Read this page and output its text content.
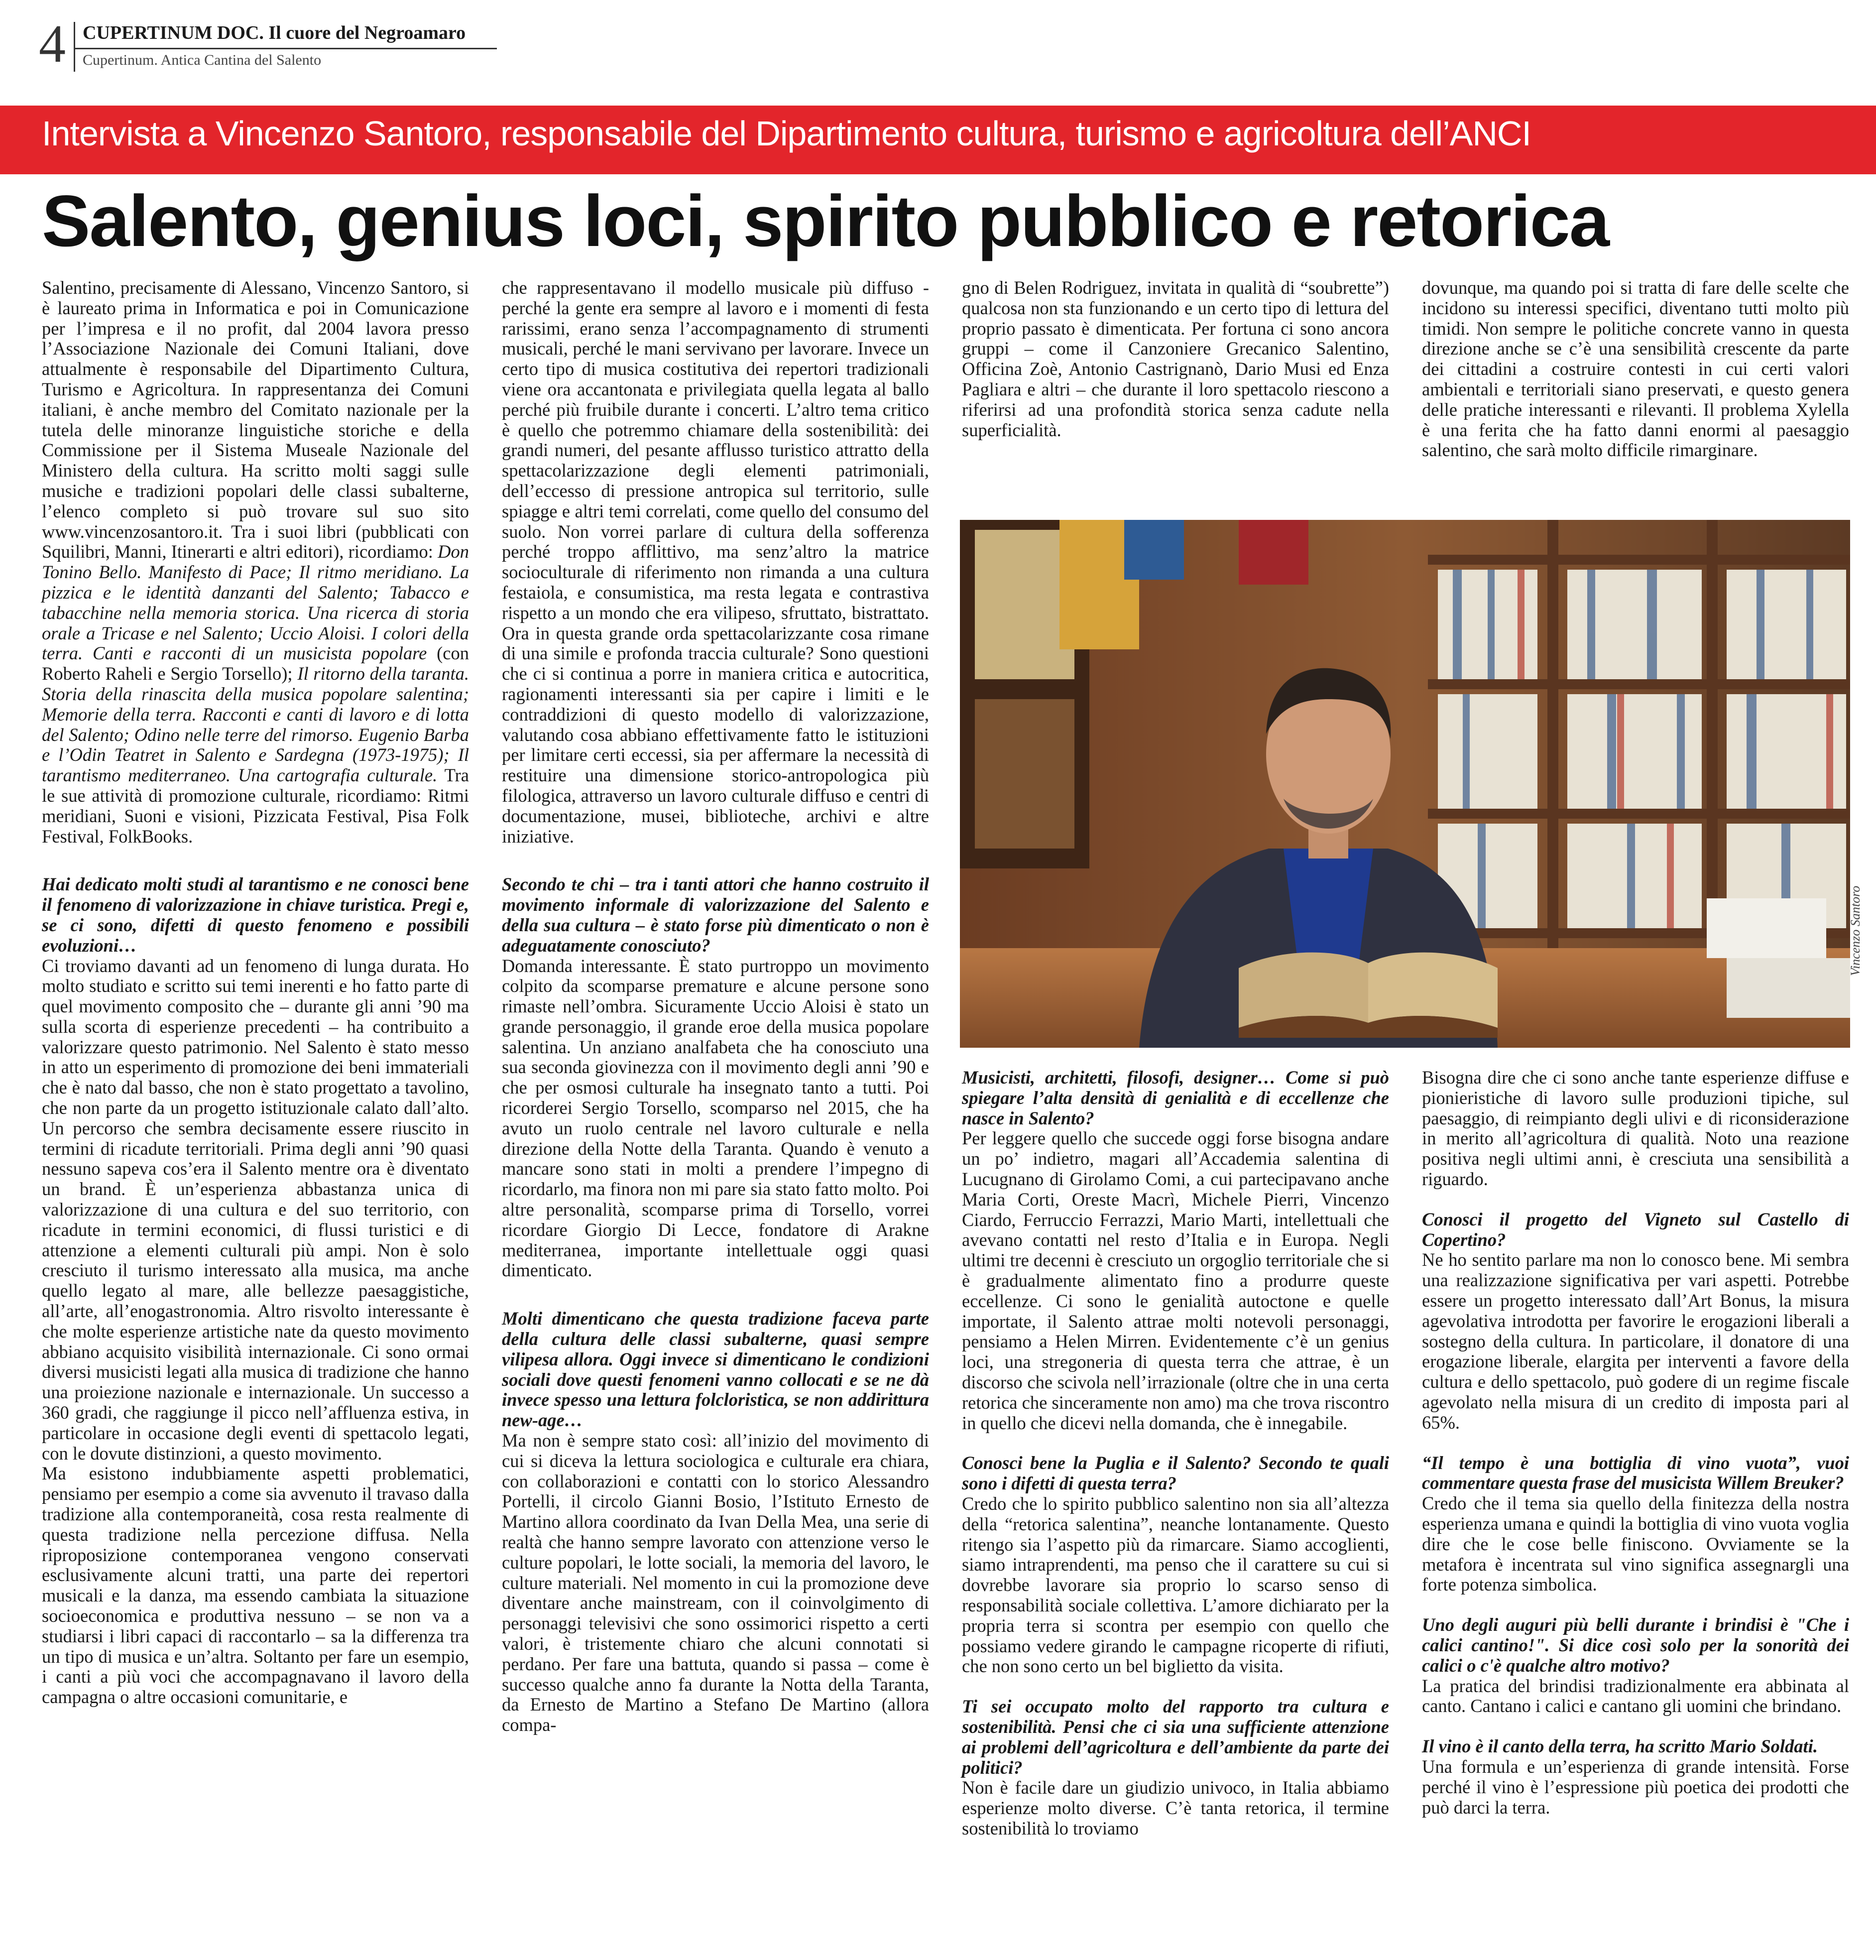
4 CUPERTINUM DOC. Il cuore del Negroamaro
Cupertinum. Antica Cantina del Salento
Intervista a Vincenzo Santoro, responsabile del Dipartimento cultura, turismo e agricoltura dell’ANCI
Salento, genius loci, spirito pubblico e retorica

Salentino, precisamente di Alessano, Vincenzo Santoro, si è laureato prima in Informatica e poi in Comunicazione per l’impresa e il no profit, dal 2004 lavora presso l’Associazione Nazionale dei Comuni Italiani, dove attualmente è responsabile del Dipartimento Cultura, Turismo e Agricoltura. In rappresentanza dei Comuni italiani, è anche membro del Comitato nazionale per la tutela delle minoranze linguistiche storiche e della Commissione per il Sistema Museale Nazionale del Ministero della cultura. Ha scritto molti saggi sulle musiche e tradizioni popolari delle classi subalterne, l’elenco completo si può trovare sul suo sito www.vincenzosantoro.it. Tra i suoi libri (pubblicati con Squilibri, Manni, Itinerarti e altri editori), ricordiamo: Don Tonino Bello. Manifesto di Pace; Il ritmo meridiano. La pizzica e le identità danzanti del Salento; Tabacco e tabacchine nella memoria storica. Una ricerca di storia orale a Tricase e nel Salento; Uccio Aloisi. I colori della terra. Canti e racconti di un musicista popolare (con Roberto Raheli e Sergio Torsello); Il ritorno della taranta. Storia della rinascita della musica popolare salentina; Memorie della terra. Racconti e canti di lavoro e di lotta del Salento; Odino nelle terre del rimorso. Eugenio Barba e l’Odin Teatret in Salento e Sardegna (1973-1975); Il tarantismo mediterraneo. Una cartografia culturale. Tra le sue attività di promozione culturale, ricordiamo: Ritmi meridiani, Suoni e visioni, Pizzicata Festival, Pisa Folk Festival, FolkBooks.

Hai dedicato molti studi al tarantismo e ne conosci bene il fenomeno di valorizzazione in chiave turistica. Pregi e, se ci sono, difetti di questo fenomeno e possibili evoluzioni…

Ci troviamo davanti ad un fenomeno di lunga durata. Ho molto studiato e scritto sui temi inerenti e ho fatto parte di quel movimento composito che – durante gli anni ’90 ma sulla scorta di esperienze precedenti – ha contribuito a valorizzare questo patrimonio. Nel Salento è stato messo in atto un esperimento di promozione dei beni immateriali che è nato dal basso, che non è stato progettato a tavolino, che non parte da un progetto istituzionale calato dall’alto. Un percorso che sembra decisamente essere riuscito in termini di ricadute territoriali. Prima degli anni ’90 quasi nessuno sapeva cos’era il Salento mentre ora è diventato un brand. È un’esperienza abbastanza unica di valorizzazione di una cultura e del suo territorio, con ricadute in termini economici, di flussi turistici e di attenzione a elementi culturali più ampi. Non è solo cresciuto il turismo interessato alla musica, ma anche quello legato al mare, alle bellezze paesaggistiche, all’arte, all’enogastronomia. Altro risvolto interessante è che molte esperienze artistiche nate da questo movimento abbiano acquisito visibilità internazionale. Ci sono ormai diversi musicisti legati alla musica di tradizione che hanno una proiezione nazionale e internazionale. Un successo a 360 gradi, che raggiunge il picco nell’affluenza estiva, in particolare in occasione degli eventi di spettacolo legati, con le dovute distinzioni, a questo movimento.

Ma esistono indubbiamente aspetti problematici, pensiamo per esempio a come sia avvenuto il travaso dalla tradizione alla contemporaneità, cosa resta realmente di questa tradizione nella percezione diffusa. Nella riproposizione contemporanea vengono conservati esclusivamente alcuni tratti, una parte dei repertori musicali e la danza, ma essendo cambiata la situazione socioeconomica e produttiva nessuno – se non va a studiarsi i libri capaci di raccontarlo – sa la differenza tra un tipo di musica e un’altra. Soltanto per fare un esempio, i canti a più voci che accompagnavano il lavoro della campagna o altre occasioni comunitarie, e

che rappresentavano il modello musicale più diffuso - perché la gente era sempre al lavoro e i momenti di festa rarissimi, erano senza l’accompagnamento di strumenti musicali, perché le mani servivano per lavorare. Invece un certo tipo di musica costitutiva dei repertori tradizionali viene ora accantonata e privilegiata quella legata al ballo perché più fruibile durante i concerti. L’altro tema critico è quello che potremmo chiamare della sostenibilità: dei grandi numeri, del pesante afflusso turistico attratto della spettacolarizzazione degli elementi patrimoniali, dell’eccesso di pressione antropica sul territorio, sulle spiagge e altri temi correlati, come quello del consumo del suolo. Non vorrei parlare di cultura della sofferenza perché troppo afflittivo, ma senz’altro la matrice socioculturale di riferimento non rimanda a una cultura festaiola, e consumistica, ma resta legata e contrastiva rispetto a un mondo che era vilipeso, sfruttato, bistrattato. Ora in questa grande orda spettacolarizzante cosa rimane di una simile e profonda traccia culturale? Sono questioni che ci si continua a porre in maniera critica e autocritica, ragionamenti interessanti sia per capire i limiti e le contraddizioni di questo modello di valorizzazione, valutando cosa abbiano effettivamente fatto le istituzioni per limitare certi eccessi, sia per affermare la necessità di restituire una dimensione storico-antropologica più filologica, attraverso un lavoro culturale diffuso e centri di documentazione, musei, biblioteche, archivi e altre iniziative.

Secondo te chi – tra i tanti attori che hanno costruito il movimento informale di valorizzazione del Salento e della sua cultura – è stato forse più dimenticato o non è adeguatamente conosciuto?

Domanda interessante. È stato purtroppo un movimento colpito da scomparse premature e alcune persone sono rimaste nell’ombra. Sicuramente Uccio Aloisi è stato un grande personaggio, il grande eroe della musica popolare salentina. Un anziano analfabeta che ha conosciuto una sua seconda giovinezza con il movimento degli anni ’90 e che per osmosi culturale ha insegnato tanto a tutti. Poi ricorderei Sergio Torsello, scomparso nel 2015, che ha avuto un ruolo centrale nel lavoro culturale e nella direzione della Notte della Taranta. Quando è venuto a mancare sono stati in molti a prendere l’impegno di ricordarlo, ma finora non mi pare sia stato fatto molto. Poi altre personalità, scomparse prima di Torsello, vorrei ricordare Giorgio Di Lecce, fondatore di Arakne mediterranea, importante intellettuale oggi quasi dimenticato.

Molti dimenticano che questa tradizione faceva parte della cultura delle classi subalterne, quasi sempre vilipesa allora. Oggi invece si dimenticano le condizioni sociali dove questi fenomeni vanno collocati e se ne dà invece spesso una lettura folcloristica, se non addirittura new-age…

Ma non è sempre stato così: all’inizio del movimento di cui si diceva la lettura sociologica e culturale era chiara, con collaborazioni e contatti con lo storico Alessandro Portelli, il circolo Gianni Bosio, l’Istituto Ernesto de Martino allora coordinato da Ivan Della Mea, una serie di realtà che hanno sempre lavorato con attenzione verso le culture popolari, le lotte sociali, la memoria del lavoro, le culture materiali. Nel momento in cui la promozione deve diventare anche mainstream, con il coinvolgimento di personaggi televisivi che sono ossimorici rispetto a certi valori, è tristemente chiaro che alcuni connotati si perdano. Per fare una battuta, quando si passa – come è successo qualche anno fa durante la Notta della Taranta, da Ernesto de Martino a Stefano De Martino (allora compa-

gno di Belen Rodriguez, invitata in qualità di “soubrette”) qualcosa non sta funzionando e un certo tipo di lettura del proprio passato è dimenticata. Per fortuna ci sono ancora gruppi – come il Canzoniere Grecanico Salentino, Officina Zoè, Antonio Castrignanò, Dario Musi ed Enza Pagliara e altri – che durante il loro spettacolo riescono a riferirsi ad una profondità storica senza cadute nella superficialità.

dovunque, ma quando poi si tratta di fare delle scelte che incidono su interessi specifici, diventano tutti molto più timidi. Non sempre le politiche concrete vanno in questa direzione anche se c’è una sensibilità crescente da parte dei cittadini a costruire contesti in cui certi valori ambientali e territoriali siano preservati, e questo genera delle pratiche interessanti e rilevanti. Il problema Xylella è una ferita che ha fatto danni enormi al paesaggio salentino, che sarà molto difficile rimarginare.

Vincenzo Santoro

Musicisti, architetti, filosofi, designer… Come si può spiegare l’alta densità di genialità e di eccellenze che nasce in Salento?

Per leggere quello che succede oggi forse bisogna andare un po’ indietro, magari all’Accademia salentina di Lucugnano di Girolamo Comi, a cui partecipavano anche Maria Corti, Oreste Macrì, Michele Pierri, Vincenzo Ciardo, Ferruccio Ferrazzi, Mario Marti, intellettuali che avevano contatti nel resto d’Italia e in Europa. Negli ultimi tre decenni è cresciuto un orgoglio territoriale che si è gradualmente alimentato fino a produrre queste eccellenze. Ci sono le genialità autoctone e quelle importate, il Salento attrae molti notevoli personaggi, pensiamo a Helen Mirren. Evidentemente c’è un genius loci, una stregoneria di questa terra che attrae, è un discorso che scivola nell’irrazionale (oltre che in una certa retorica che sinceramente non amo) ma che trova riscontro in quello che dicevi nella domanda, che è innegabile.

Conosci bene la Puglia e il Salento? Secondo te quali sono i difetti di questa terra?

Credo che lo spirito pubblico salentino non sia all’altezza della “retorica salentina”, neanche lontanamente. Questo ritengo sia l’aspetto più da rimarcare. Siamo accoglienti, siamo intraprendenti, ma penso che il carattere su cui si dovrebbe lavorare sia proprio lo scarso senso di responsabilità sociale collettiva. L’amore dichiarato per la propria terra si scontra per esempio con quello che possiamo vedere girando le campagne ricoperte di rifiuti, che non sono certo un bel biglietto da visita.

Ti sei occupato molto del rapporto tra cultura e sostenibilità. Pensi che ci sia una sufficiente attenzione ai problemi dell’agricoltura e dell’ambiente da parte dei politici?

Non è facile dare un giudizio univoco, in Italia abbiamo esperienze molto diverse. C’è tanta retorica, il termine sostenibilità lo troviamo

Bisogna dire che ci sono anche tante esperienze diffuse e pionieristiche di lavoro sulle produzioni tipiche, sul paesaggio, di reimpianto degli ulivi e di riconsiderazione in merito all’agricoltura di qualità. Noto una reazione positiva negli ultimi anni, è cresciuta una sensibilità a riguardo.

Conosci il progetto del Vigneto sul Castello di Copertino?

Ne ho sentito parlare ma non lo conosco bene. Mi sembra una realizzazione significativa per vari aspetti. Potrebbe essere un progetto interessato dall’Art Bonus, la misura agevolativa introdotta per favorire le erogazioni liberali a sostegno della cultura. In particolare, il donatore di una erogazione liberale, elargita per interventi a favore della cultura e dello spettacolo, può godere di un regime fiscale agevolato nella misura di un credito di imposta pari al 65%.

“Il tempo è una bottiglia di vino vuota”, vuoi commentare questa frase del musicista Willem Breuker?

Credo che il tema sia quello della finitezza della nostra esperienza umana e quindi la bottiglia di vino vuota voglia dire che le cose belle finiscono. Ovviamente se la metafora è incentrata sul vino significa assegnargli una forte potenza simbolica.

Uno degli auguri più belli durante i brindisi è "Che i calici cantino!". Si dice così solo per la sonorità dei calici o c'è qualche altro motivo?

La pratica del brindisi tradizionalmente era abbinata al canto. Cantano i calici e cantano gli uomini che brindano.

Il vino è il canto della terra, ha scritto Mario Soldati.

Una formula e un’esperienza di grande intensità. Forse perché il vino è l’espressione più poetica dei prodotti che può darci la terra.
